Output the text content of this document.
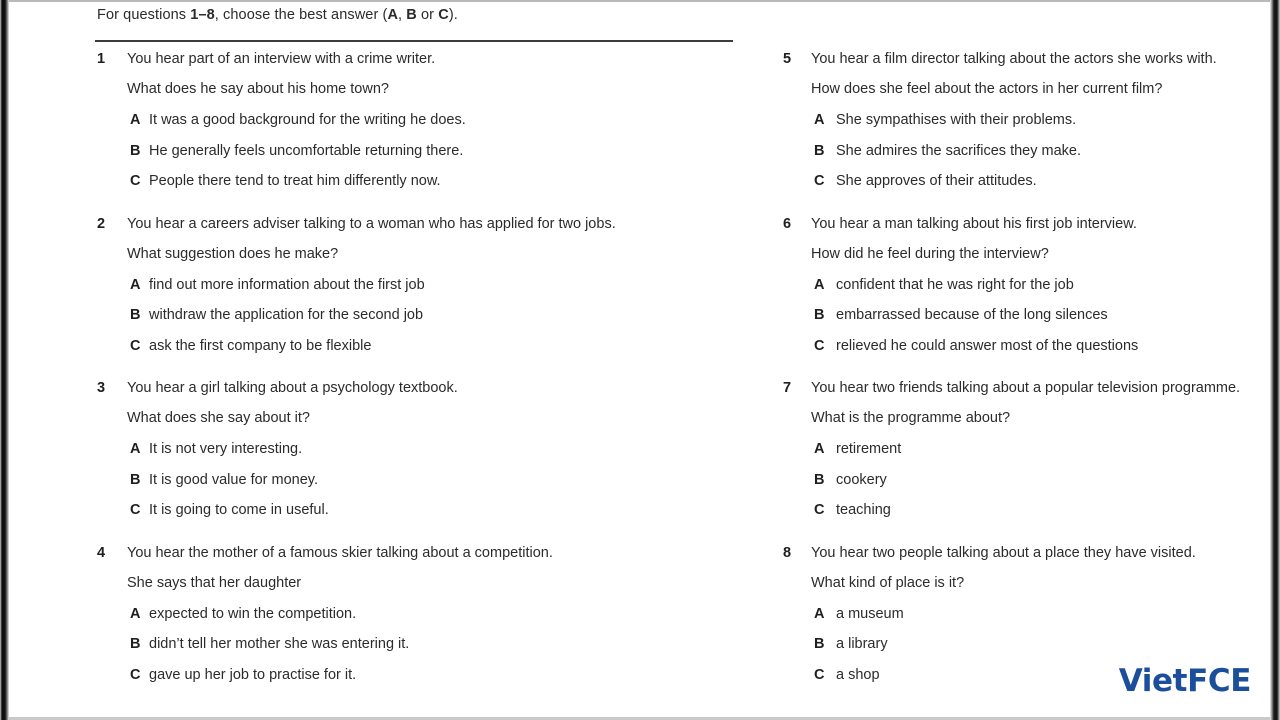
For questions 1–8, choose the best answer (A, B or C).
1	You hear part of an interview with a crime writer.
What does he say about his home town?
A It was a good background for the writing he does.
B He generally feels uncomfortable returning there.
C People there tend to treat him differently now.
2	You hear a careers adviser talking to a woman who has applied for two jobs.
What suggestion does he make?
A find out more information about the first job
B withdraw the application for the second job
C ask the first company to be flexible
3	You hear a girl talking about a psychology textbook.
What does she say about it?
A It is not very interesting.
B It is good value for money.
C It is going to come in useful.
4	You hear the mother of a famous skier talking about a competition.
She says that her daughter
A expected to win the competition.
B didn’t tell her mother she was entering it.
C gave up her job to practise for it.
5	You hear a film director talking about the actors she works with.
How does she feel about the actors in her current film?
A She sympathises with their problems.
B She admires the sacrifices they make.
C She approves of their attitudes.
6	You hear a man talking about his first job interview.
How did he feel during the interview?
A confident that he was right for the job
B embarrassed because of the long silences
C relieved he could answer most of the questions
7	You hear two friends talking about a popular television programme.
What is the programme about?
A retirement
B cookery
C teaching
8	You hear two people talking about a place they have visited.
What kind of place is it?
A a museum
B a library
C a shop	VietFCE
